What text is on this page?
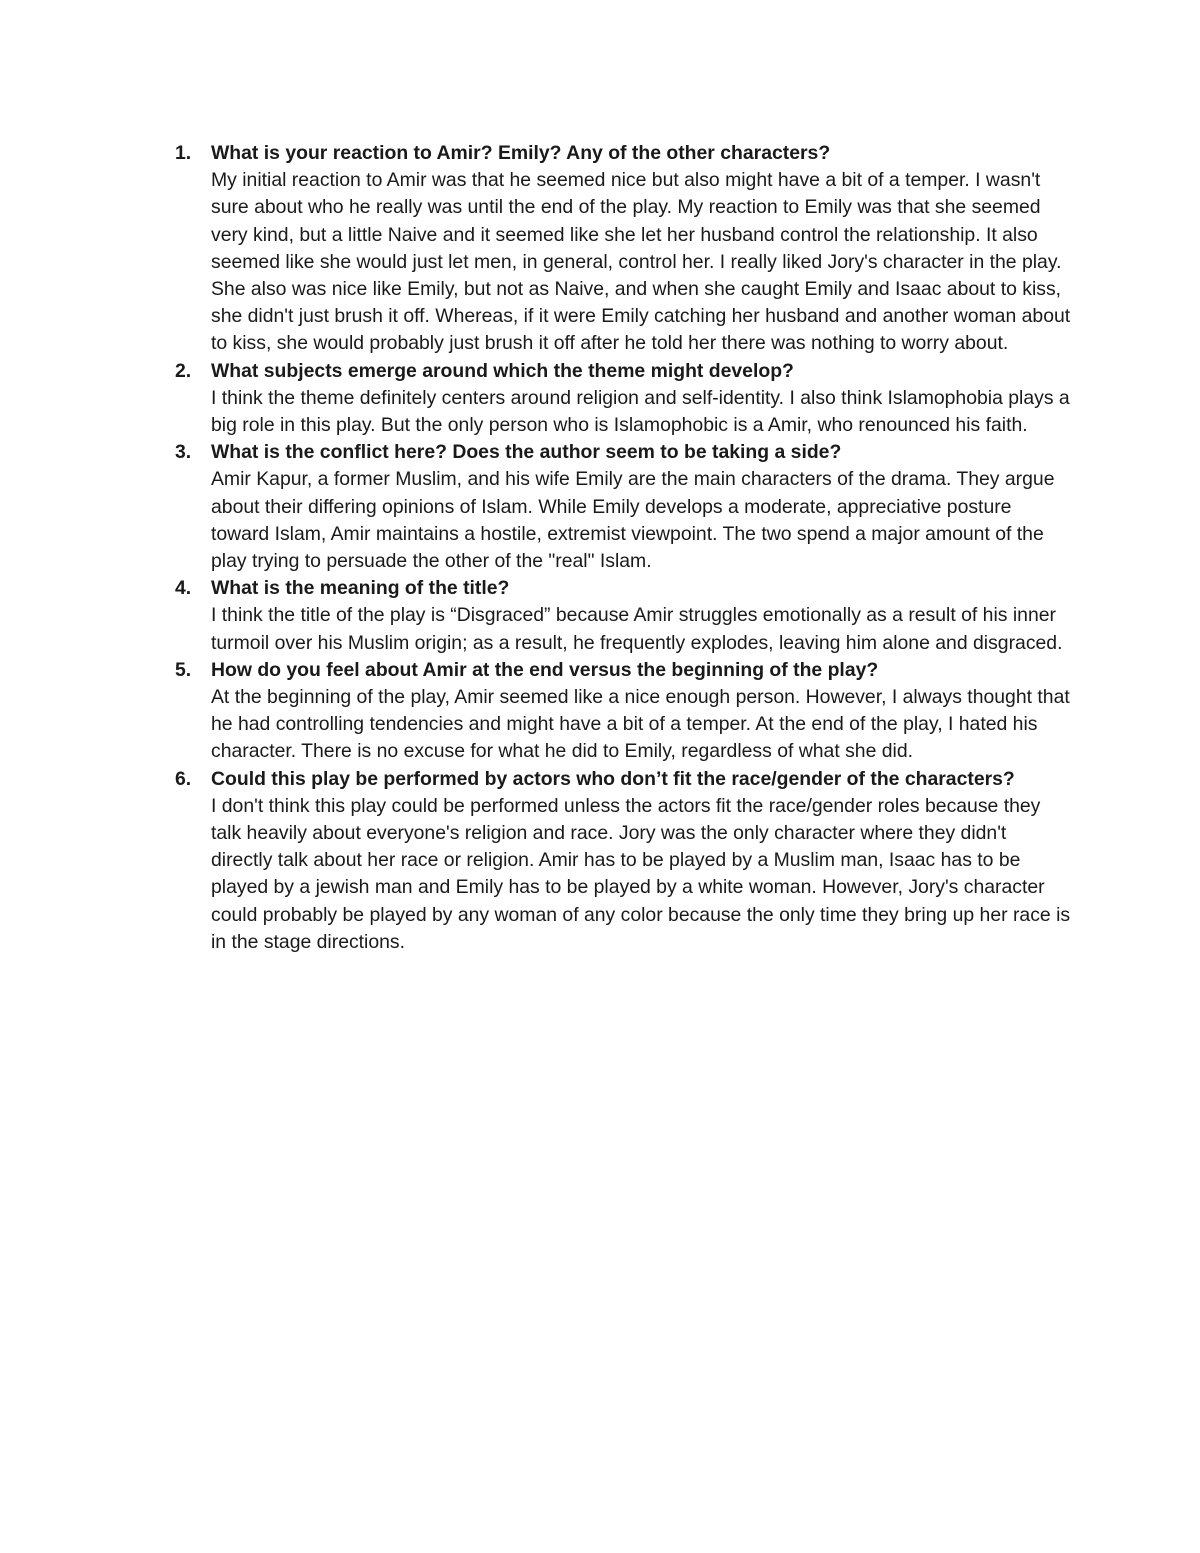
1. What is your reaction to Amir? Emily? Any of the other characters?
My initial reaction to Amir was that he seemed nice but also might have a bit of a temper. I wasn't sure about who he really was until the end of the play. My reaction to Emily was that she seemed very kind, but a little Naive and it seemed like she let her husband control the relationship. It also seemed like she would just let men, in general, control her. I really liked Jory's character in the play. She also was nice like Emily, but not as Naive, and when she caught Emily and Isaac about to kiss, she didn't just brush it off. Whereas, if it were Emily catching her husband and another woman about to kiss, she would probably just brush it off after he told her there was nothing to worry about.
2. What subjects emerge around which the theme might develop?
I think the theme definitely centers around religion and self-identity. I also think Islamophobia plays a big role in this play. But the only person who is Islamophobic is a Amir, who renounced his faith.
3. What is the conflict here? Does the author seem to be taking a side?
Amir Kapur, a former Muslim, and his wife Emily are the main characters of the drama. They argue about their differing opinions of Islam. While Emily develops a moderate, appreciative posture toward Islam, Amir maintains a hostile, extremist viewpoint. The two spend a major amount of the play trying to persuade the other of the "real" Islam.
4. What is the meaning of the title?
I think the title of the play is “Disgraced” because Amir struggles emotionally as a result of his inner turmoil over his Muslim origin; as a result, he frequently explodes, leaving him alone and disgraced.
5. How do you feel about Amir at the end versus the beginning of the play?
At the beginning of the play, Amir seemed like a nice enough person. However, I always thought that he had controlling tendencies and might have a bit of a temper. At the end of the play, I hated his character. There is no excuse for what he did to Emily, regardless of what she did.
6. Could this play be performed by actors who don’t fit the race/gender of the characters?
I don't think this play could be performed unless the actors fit the race/gender roles because they talk heavily about everyone's religion and race. Jory was the only character where they didn't directly talk about her race or religion. Amir has to be played by a Muslim man, Isaac has to be played by a jewish man and Emily has to be played by a white woman. However, Jory's character could probably be played by any woman of any color because the only time they bring up her race is in the stage directions.
